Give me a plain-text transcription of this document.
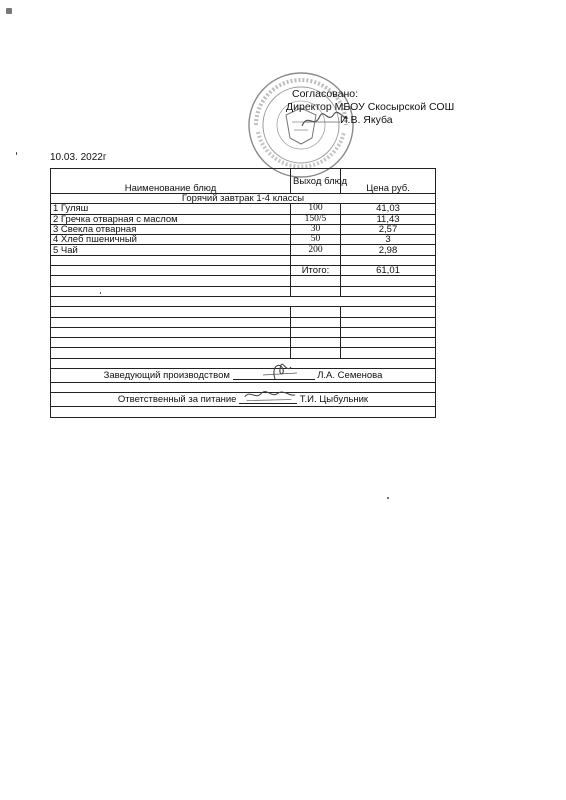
Согласовано:
Директор МБОУ Скосырской СОШ
И.В. Якуба
10.03. 2022г
Наименование блюд	Выход блюд	Цена руб.
Горячий завтрак 1-4 классы		
1 Гуляш	100	41,03
2 Гречка отварная с маслом	150/5	11,43
3 Свекла отварная	30	2,57
4 Хлеб пшеничный	50	3
5 Чай	200	2,98

	Итого:	61,01

Заведующий производством Л.А. Семенова		

Ответственный за питание Т.И. Цыбульник		
